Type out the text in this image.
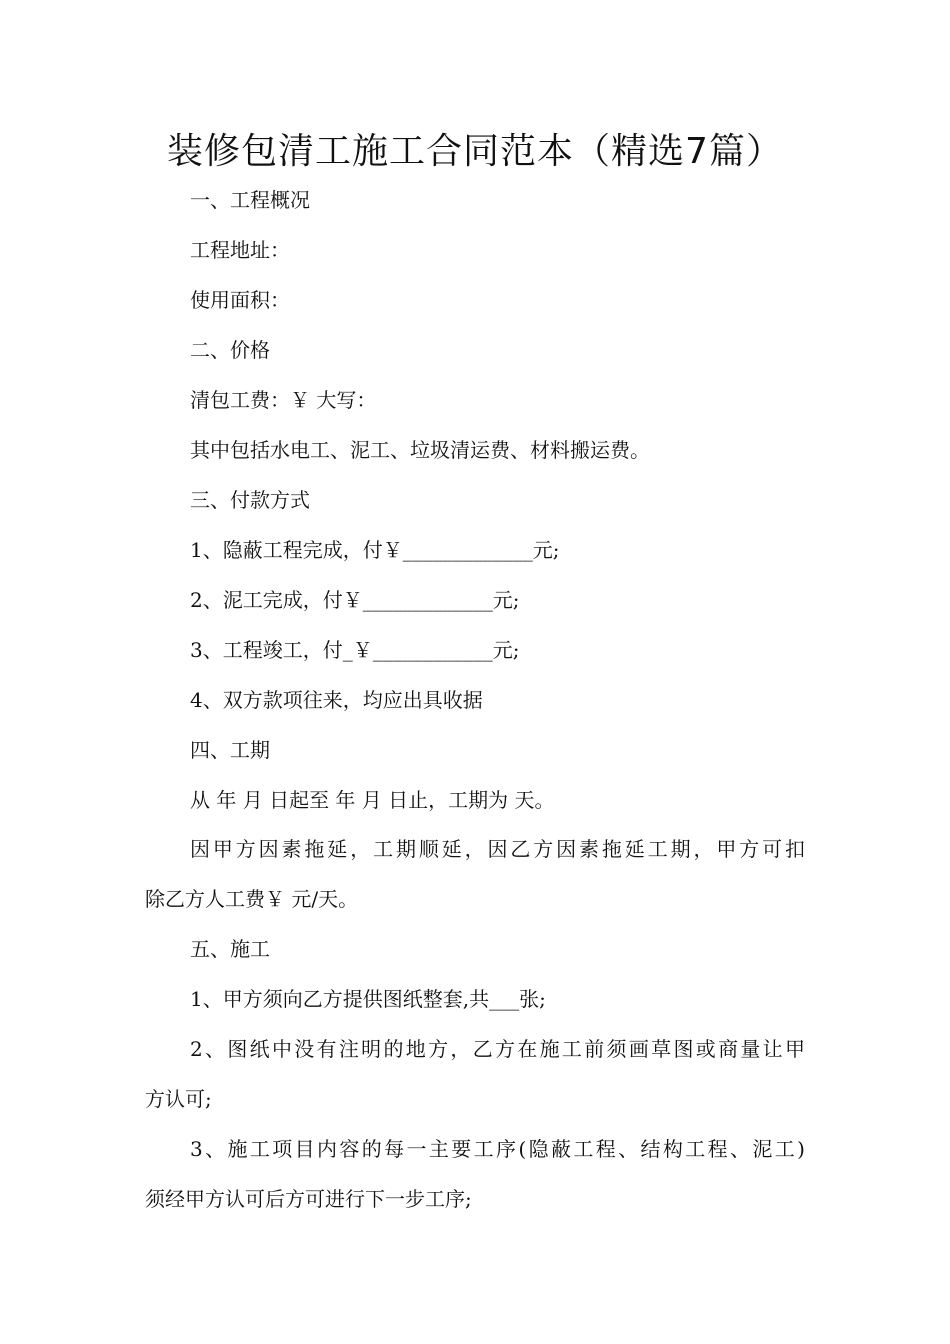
装修包清工施工合同范本（精选7篇）
一、工程概况
工程地址：
使用面积：
二、价格
清包工费：￥ 大写：
其中包括水电工、泥工、垃圾清运费、材料搬运费。
三、付款方式
1、隐蔽工程完成，付￥_____________元;
2、泥工完成，付￥_____________元;
3、工程竣工，付_￥____________元;
4、双方款项往来，均应出具收据
四、工期
从 年 月 日起至 年 月 日止，工期为 天。
因甲方因素拖延，工期顺延，因乙方因素拖延工期，甲方可扣
除乙方人工费￥ 元/天。
五、施工
1、甲方须向乙方提供图纸整套,共___张;
2、图纸中没有注明的地方，乙方在施工前须画草图或商量让甲
方认可;
3、施工项目内容的每一主要工序(隐蔽工程、结构工程、泥工)
须经甲方认可后方可进行下一步工序;
